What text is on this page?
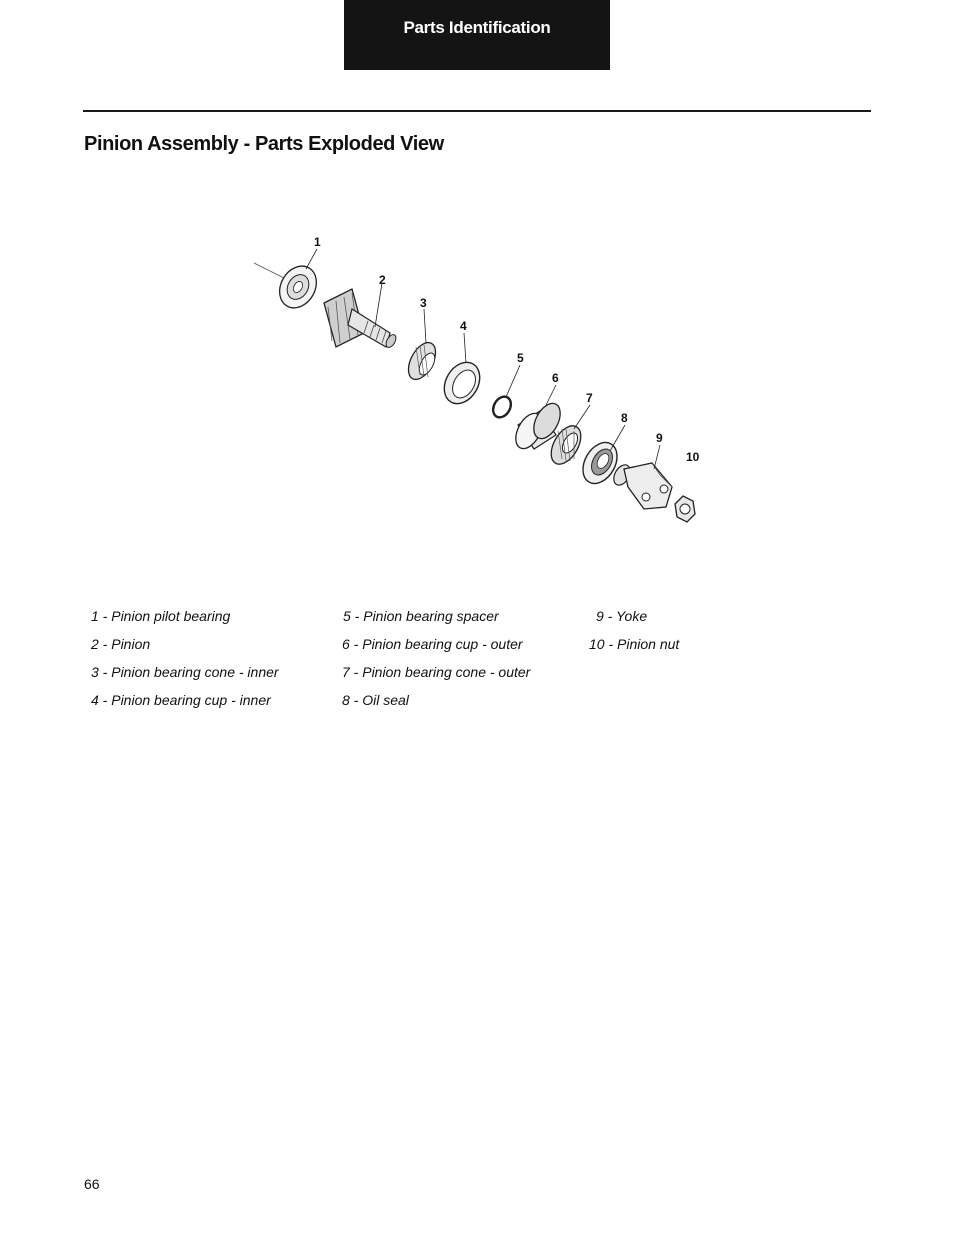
Parts Identification
Pinion Assembly - Parts Exploded View
1
2
3
4
5
6
7
8
9
10
1 - Pinion pilot bearing
2 - Pinion
3 - Pinion bearing cone - inner
4 - Pinion bearing cup - inner
5 - Pinion bearing spacer
6 - Pinion bearing cup - outer
7 - Pinion bearing cone - outer
8 - Oil seal
9 - Yoke
10 - Pinion nut
66
